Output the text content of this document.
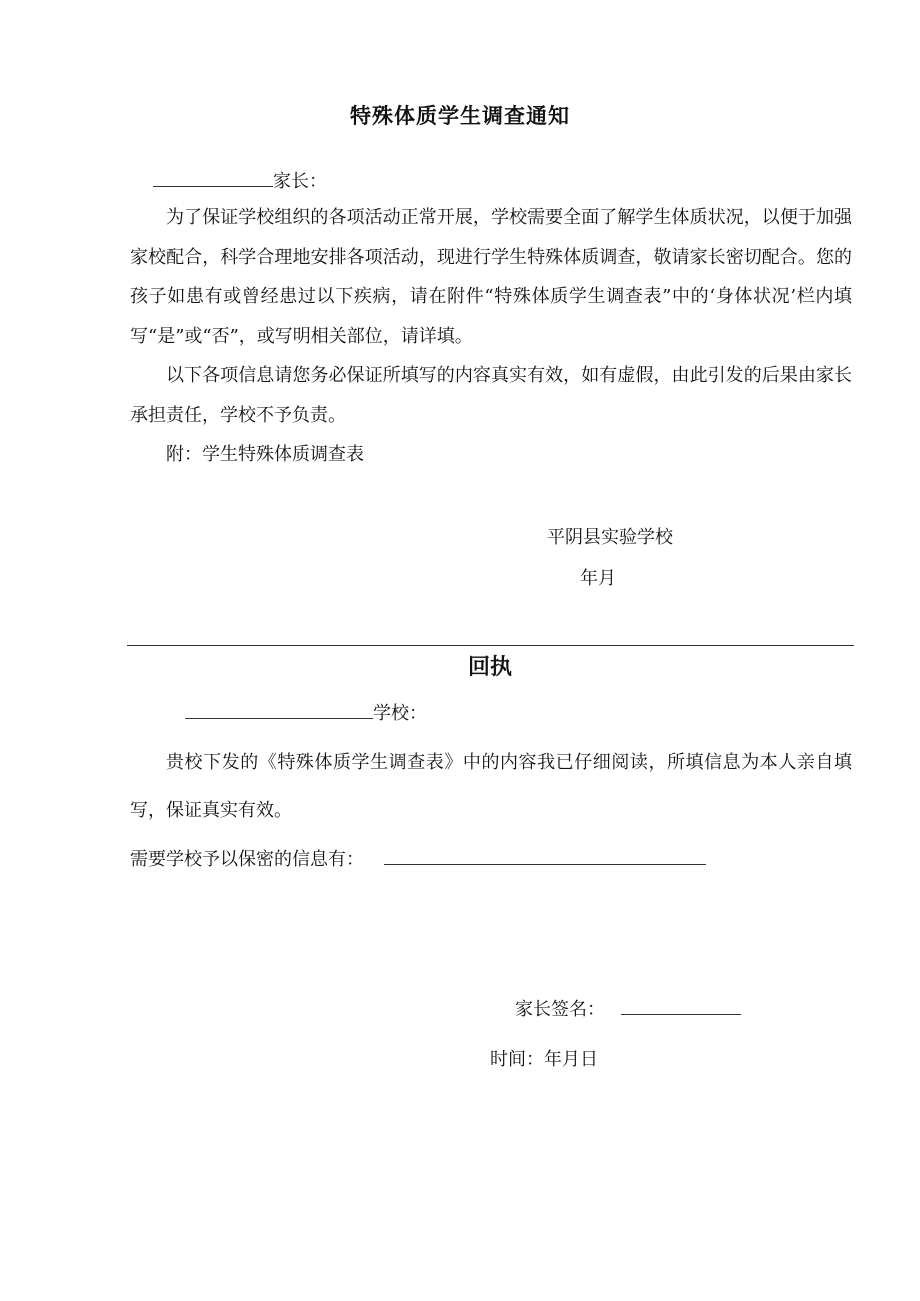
特殊体质学生调查通知
家长：

为了保证学校组织的各项活动正常开展，学校需要全面了解学生体质状况，以便于加强家校配合，科学合理地安排各项活动，现进行学生特殊体质调查，敬请家长密切配合。您的孩子如患有或曾经患过以下疾病，请在附件“特殊体质学生调查表”中的‘身体状况’栏内填写“是”或“否”，或写明相关部位，请详填。

以下各项信息请您务必保证所填写的内容真实有效，如有虚假，由此引发的后果由家长承担责任，学校不予负责。

附：学生特殊体质调查表

平阴县实验学校
年月
回执
学校：

贵校下发的《特殊体质学生调查表》中的内容我已仔细阅读，所填信息为本人亲自填写，保证真实有效。

需要学校予以保密的信息有：
家长签名：
时间：年月日
